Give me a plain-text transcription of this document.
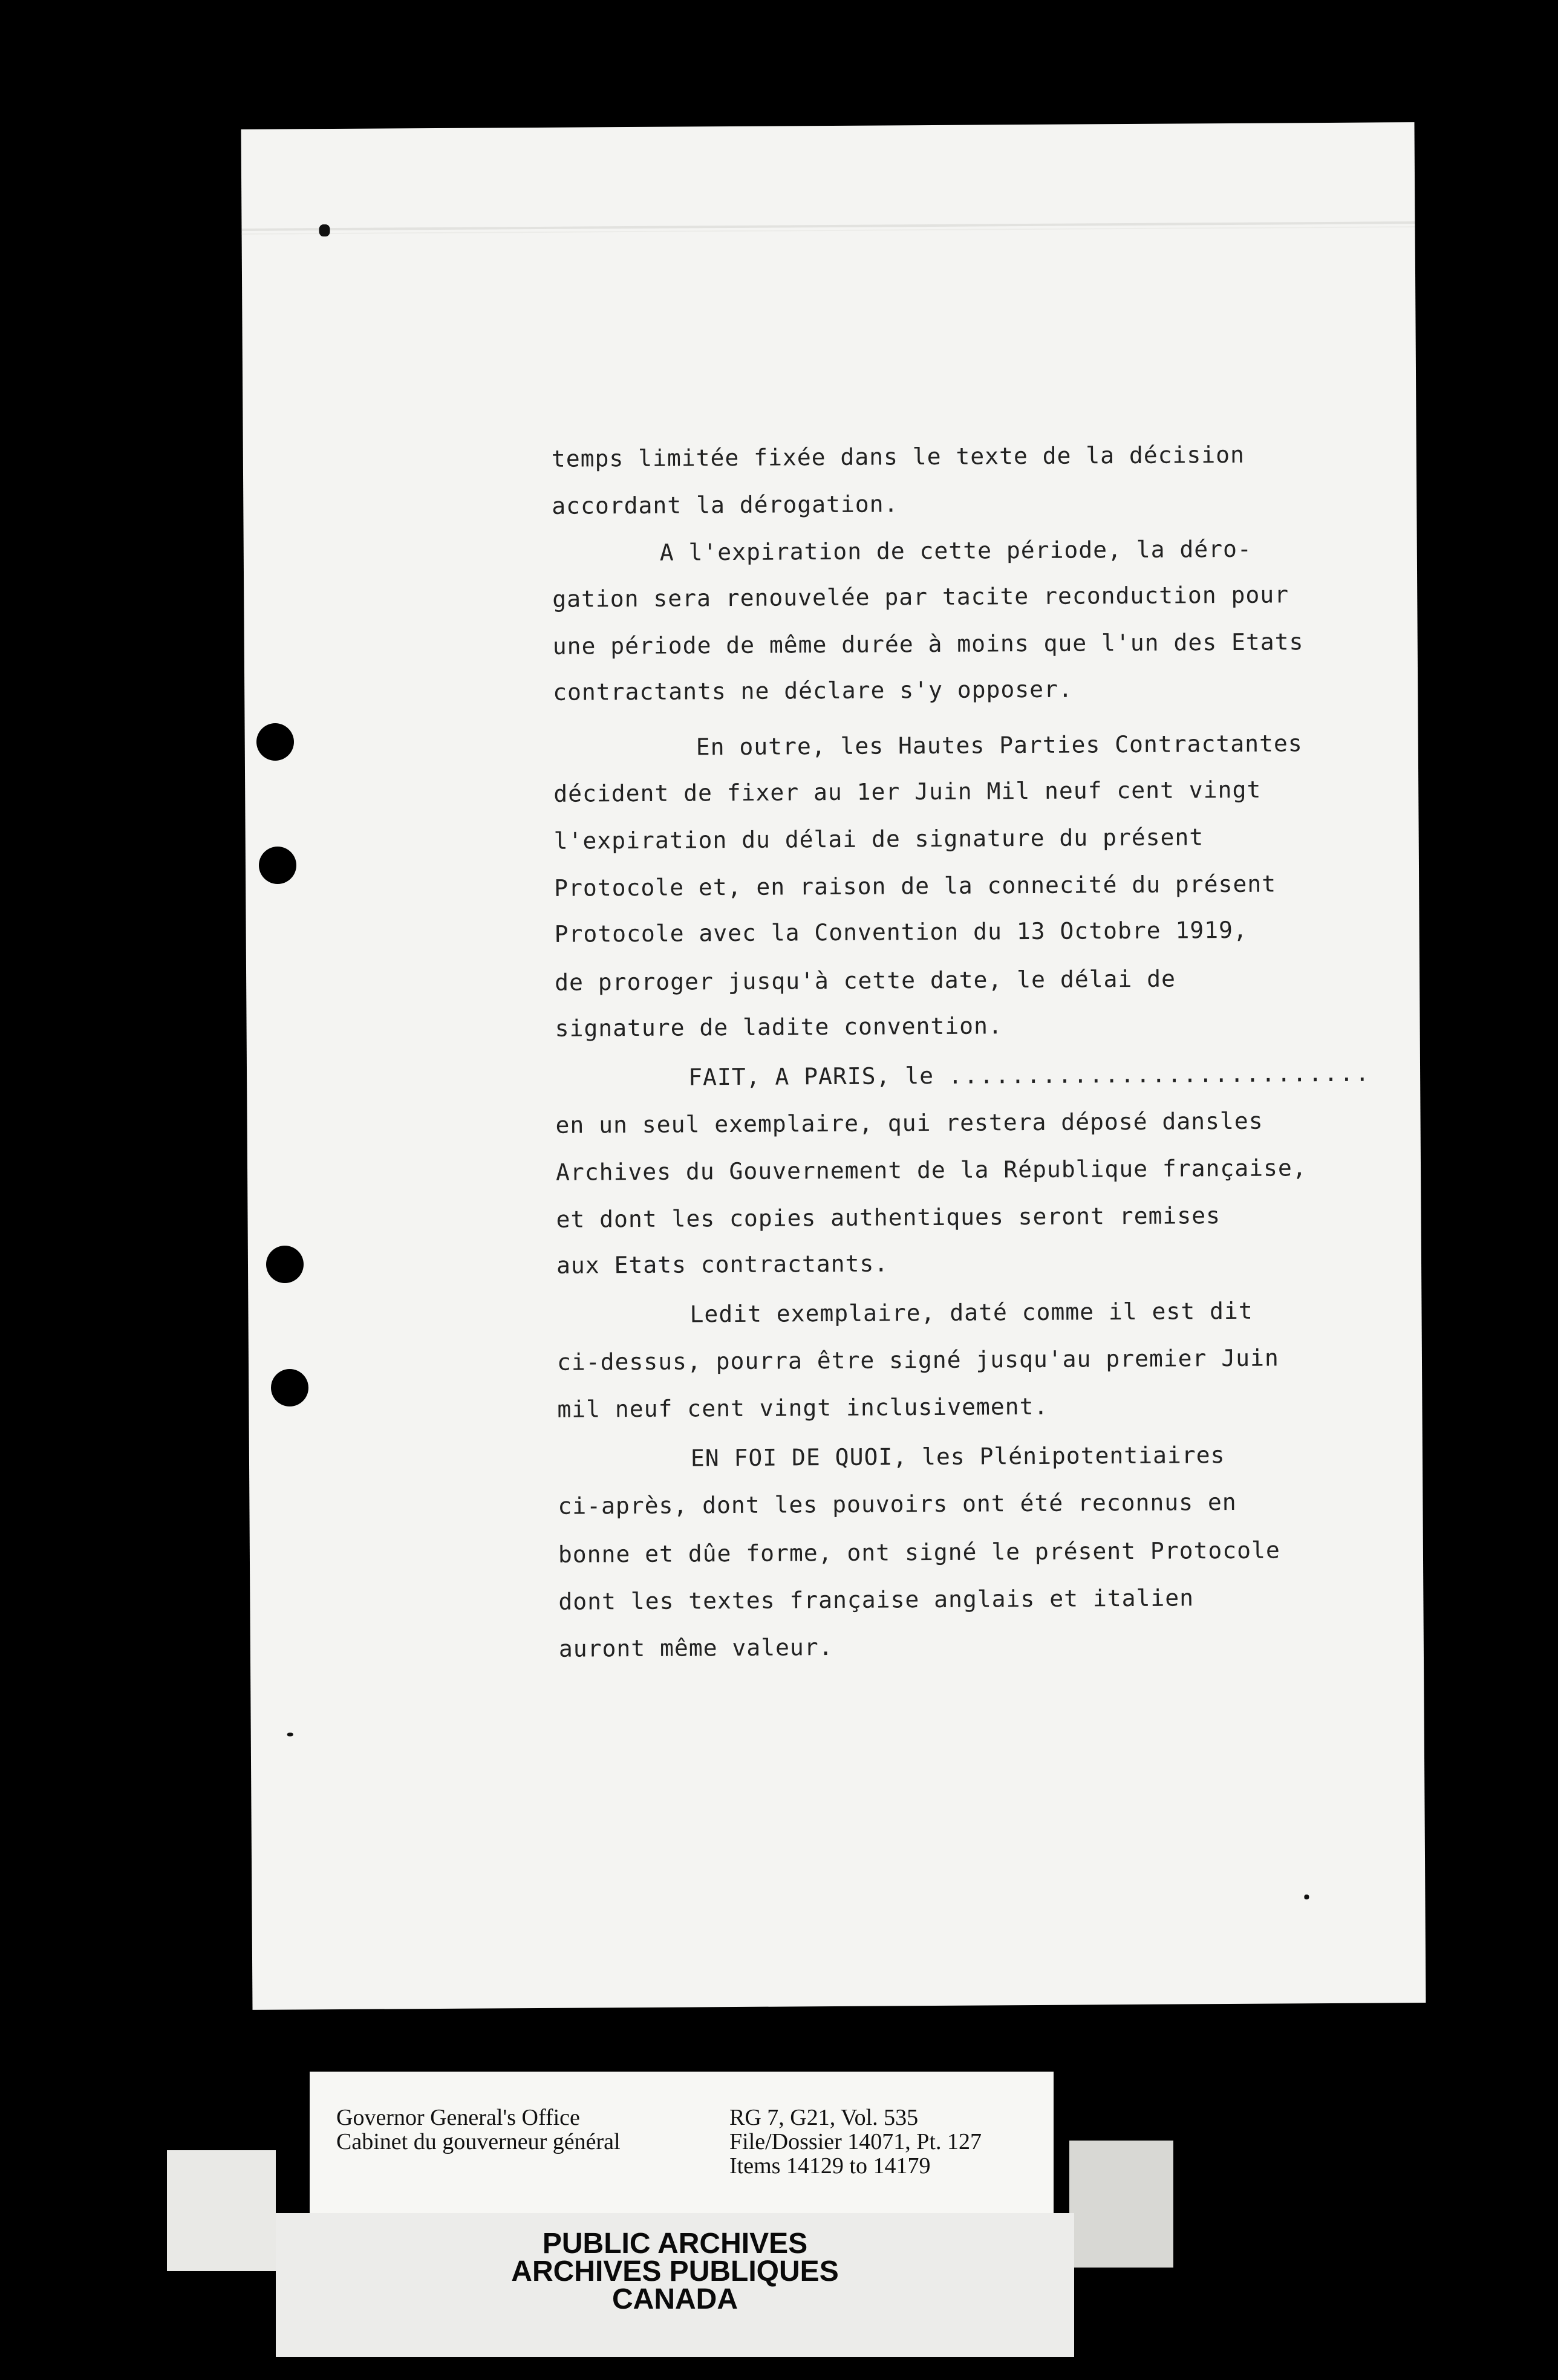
temps limitée fixée dans le texte de la décision
accordant la dérogation.
A l'expiration de cette période, la déro-
gation sera renouvelée par tacite reconduction pour
une période de même durée à moins que l'un des Etats
contractants ne déclare s'y opposer.
En outre, les Hautes Parties Contractantes
décident de fixer au 1er Juin Mil neuf cent vingt
l'expiration du délai de signature du présent
Protocole et, en raison de la connecité du présent
Protocole avec la Convention du 13 Octobre 1919,
de proroger jusqu'à cette date, le délai de
signature de ladite convention.
FAIT, A PARIS, le ...........................
en un seul exemplaire, qui restera déposé dansles
Archives du Gouvernement de la République française,
et dont les copies authentiques seront remises
aux Etats contractants.
Ledit exemplaire, daté comme il est dit
ci-dessus, pourra être signé jusqu'au premier Juin
mil neuf cent vingt inclusivement.
EN FOI DE QUOI, les Plénipotentiaires
ci-après, dont les pouvoirs ont été reconnus en
bonne et dûe forme, ont signé le présent Protocole
dont les textes française anglais et italien
auront même valeur.
Governor General's Office
Cabinet du gouverneur général
RG 7, G21, Vol. 535
File/Dossier 14071, Pt. 127
Items 14129 to 14179
PUBLIC ARCHIVES
ARCHIVES PUBLIQUES
CANADA
